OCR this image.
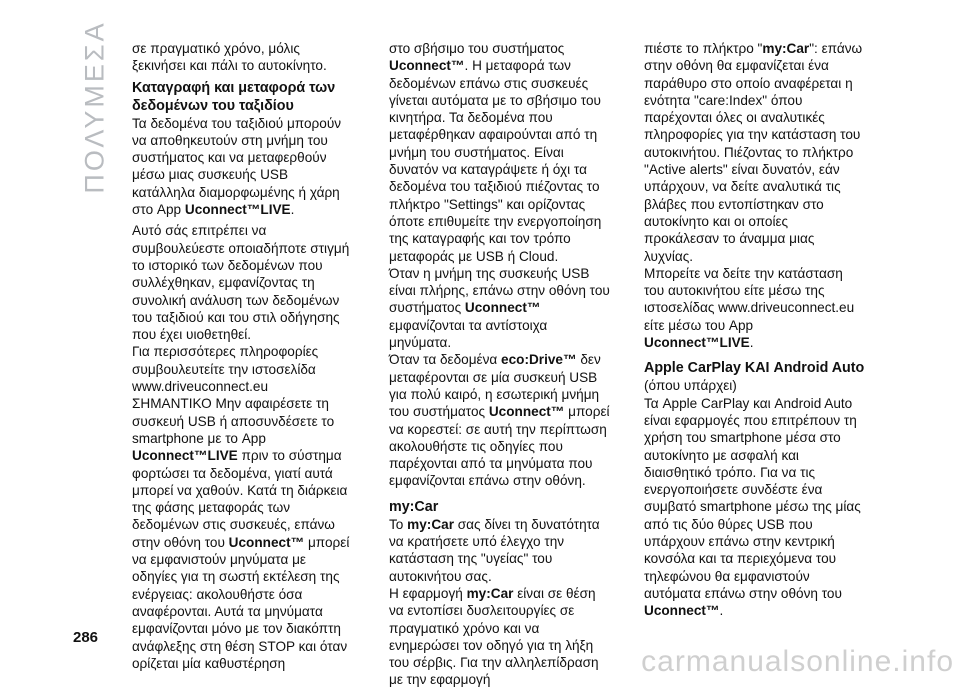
ΠΟΛΥΜΕΣΑ σε πραγματικό χρόνο, μόλις ξεκινήσει και πάλι το αυτοκίνητο.

Καταγραφή και μεταφορά των δεδομένων του ταξιδίου

Τα δεδομένα του ταξιδιού μπορούν να αποθηκευτούν στη μνήμη του συστήματος και να μεταφερθούν μέσω μιας συσκευής USB κατάλληλα διαμορφωμένης ή χάρη στο App Uconnect™LIVE.

Αυτό σάς επιτρέπει να συμβουλεύεστε οποιαδήποτε στιγμή το ιστορικό των δεδομένων που συλλέχθηκαν, εμφανίζοντας τη συνολική ανάλυση των δεδομένων του ταξιδιού και του στιλ οδήγησης που έχει υιοθετηθεί.

Για περισσότερες πληροφορίες συμβουλευτείτε την ιστοσελίδα www.driveuconnect.eu

ΣΗΜΑΝΤΙΚΟ Μην αφαιρέσετε τη συσκευή USB ή αποσυνδέσετε το smartphone με το App Uconnect™LIVE πριν το σύστημα φορτώσει τα δεδομένα, γιατί αυτά μπορεί να χαθούν. Κατά τη διάρκεια της φάσης μεταφοράς των δεδομένων στις συσκευές, επάνω στην οθόνη του Uconnect™ μπορεί να εμφανιστούν μηνύματα με οδηγίες για τη σωστή εκτέλεση της ενέργειας: ακολουθήστε όσα αναφέρονται. Αυτά τα μηνύματα εμφανίζονται μόνο με τον διακόπτη ανάφλεξης στη θέση STOP και όταν ορίζεται μία καθυστέρηση

στο σβήσιμο του συστήματος Uconnect™. Η μεταφορά των δεδομένων επάνω στις συσκευές γίνεται αυτόματα με το σβήσιμο του κινητήρα. Τα δεδομένα που μεταφέρθηκαν αφαιρούνται από τη μνήμη του συστήματος. Είναι δυνατόν να καταγράψετε ή όχι τα δεδομένα του ταξιδιού πιέζοντας το πλήκτρο "Settings" και ορίζοντας όποτε επιθυμείτε την ενεργοποίηση της καταγραφής και τον τρόπο μεταφοράς με USB ή Cloud.

Όταν η μνήμη της συσκευής USB είναι πλήρης, επάνω στην οθόνη του συστήματος Uconnect™ εμφανίζονται τα αντίστοιχα μηνύματα.

Όταν τα δεδομένα eco:Drive™ δεν μεταφέρονται σε μία συσκευή USB για πολύ καιρό, η εσωτερική μνήμη του συστήματος Uconnect™ μπορεί να κορεστεί: σε αυτή την περίπτωση ακολουθήστε τις οδηγίες που παρέχονται από τα μηνύματα που εμφανίζονται επάνω στην οθόνη.

my:Car

Το my:Car σας δίνει τη δυνατότητα να κρατήσετε υπό έλεγχο την κατάσταση της "υγείας" του αυτοκινήτου σας.

Η εφαρμογή my:Car είναι σε θέση να εντοπίσει δυσλειτουργίες σε πραγματικό χρόνο και να ενημερώσει τον οδηγό για τη λήξη του σέρβις. Για την αλληλεπίδραση με την εφαρμογή

πιέστε το πλήκτρο "my:Car": επάνω στην οθόνη θα εμφανίζεται ένα παράθυρο στο οποίο αναφέρεται η ενότητα "care:Index" όπου παρέχονται όλες οι αναλυτικές πληροφορίες για την κατάσταση του αυτοκινήτου. Πιέζοντας το πλήκτρο "Active alerts" είναι δυνατόν, εάν υπάρχουν, να δείτε αναλυτικά τις βλάβες που εντοπίστηκαν στο αυτοκίνητο και οι οποίες προκάλεσαν το άναμμα μιας λυχνίας.

Μπορείτε να δείτε την κατάσταση του αυτοκινήτου είτε μέσω της ιστοσελίδας www.driveuconnect.eu είτε μέσω του App Uconnect™LIVE.

Apple CarPlay ΚΑΙ Android Auto

(όπου υπάρχει)

Τα Apple CarPlay και Android Auto είναι εφαρμογές που επιτρέπουν τη χρήση του smartphone μέσα στο αυτοκίνητο με ασφαλή και διαισθητικό τρόπο. Για να τις ενεργοποιήσετε συνδέστε ένα συμβατό smartphone μέσω της μίας από τις δύο θύρες USB που υπάρχουν επάνω στην κεντρική κονσόλα και τα περιεχόμενα του τηλεφώνου θα εμφανιστούν αυτόματα επάνω στην οθόνη του Uconnect™.

286
carmanualsonline.info
